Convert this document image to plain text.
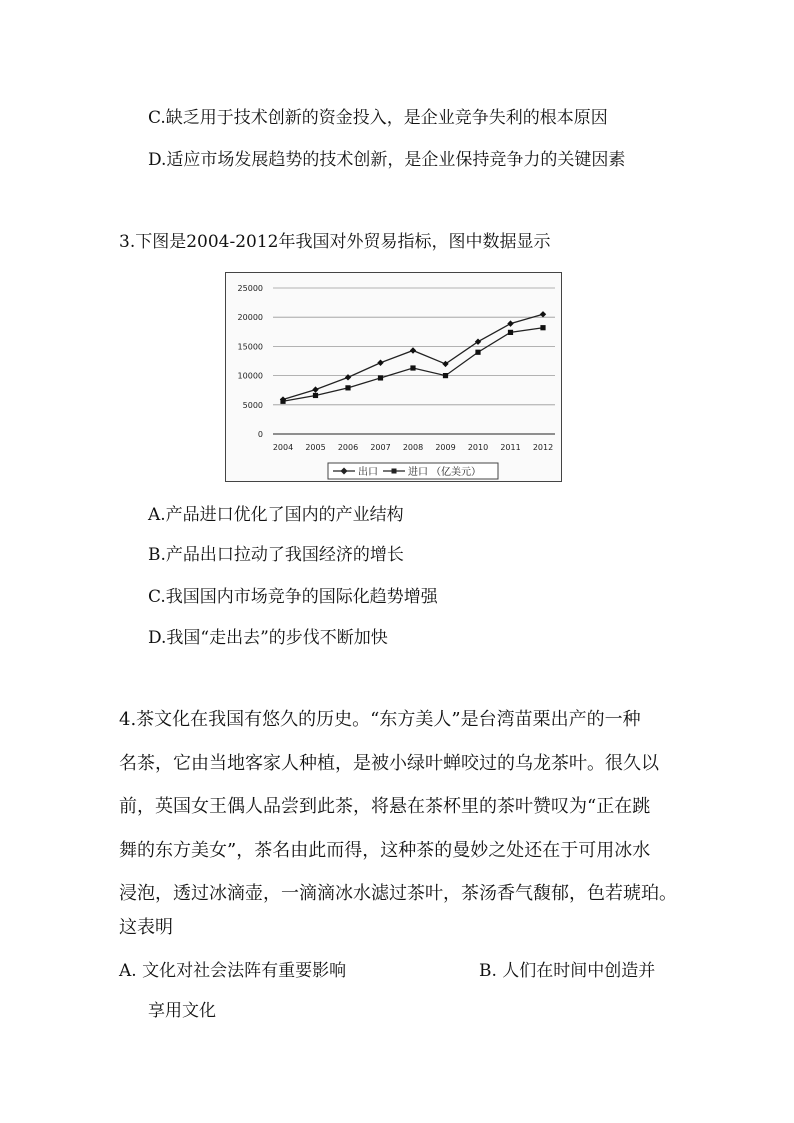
C.缺乏用于技术创新的资金投入，是企业竞争失利的根本原因
D.适应市场发展趋势的技术创新，是企业保持竞争力的关键因素
3.下图是2004-2012年我国对外贸易指标，图中数据显示
0
5000
10000
15000
20000
25000
2004 2005 2006 2007 2008 2009 2010 2011 2012
出口	进口 （亿美元）
A.产品进口优化了国内的产业结构
B.产品出口拉动了我国经济的增长
C.我国国内市场竞争的国际化趋势增强
D.我国“走出去”的步伐不断加快
4.茶文化在我国有悠久的历史。“东方美人”是台湾苗栗出产的一种
名茶，它由当地客家人种植，是被小绿叶蝉咬过的乌龙茶叶。很久以
前，英国女王偶人品尝到此茶，将悬在茶杯里的茶叶赞叹为“正在跳
舞的东方美女”，茶名由此而得，这种茶的曼妙之处还在于可用冰水
浸泡，透过冰滴壶，一滴滴冰水滤过茶叶，茶汤香气馥郁，色若琥珀。
这表明
A. 文化对社会法阵有重要影响	B. 人们在时间中创造并
享用文化
